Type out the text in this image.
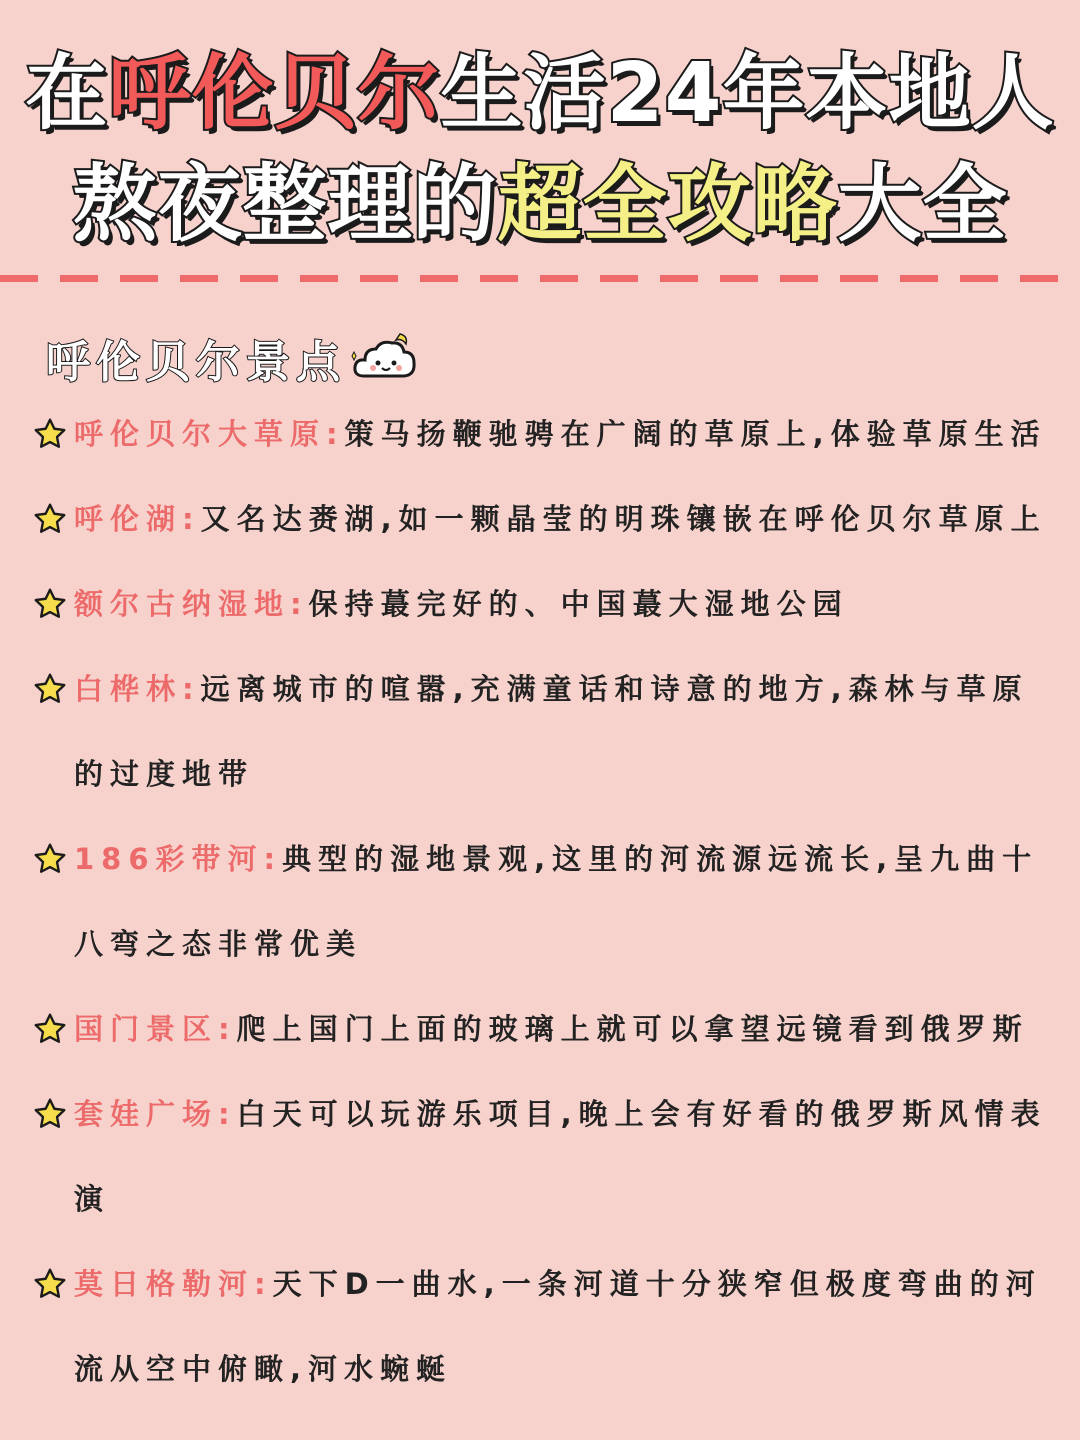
在呼伦贝尔生活24年本地人
熬夜整理的超全攻略大全
呼伦贝尔景点
呼伦贝尔大草原:策马扬鞭驰骋在广阔的草原上,体验草原生活
呼伦湖:又名达赉湖,如一颗晶莹的明珠镶嵌在呼伦贝尔草原上
额尔古纳湿地:保持蕞完好的、中国蕞大湿地公园
白桦林:远离城市的喧嚣,充满童话和诗意的地方,森林与草原的过度地带
186彩带河:典型的湿地景观,这里的河流源远流长,呈九曲十八弯之态非常优美
国门景区:爬上国门上面的玻璃上就可以拿望远镜看到俄罗斯
套娃广场:白天可以玩游乐项目,晚上会有好看的俄罗斯风情表演
莫日格勒河:天下D一曲水,一条河道十分狭窄但极度弯曲的河流从空中俯瞰,河水蜿蜒
